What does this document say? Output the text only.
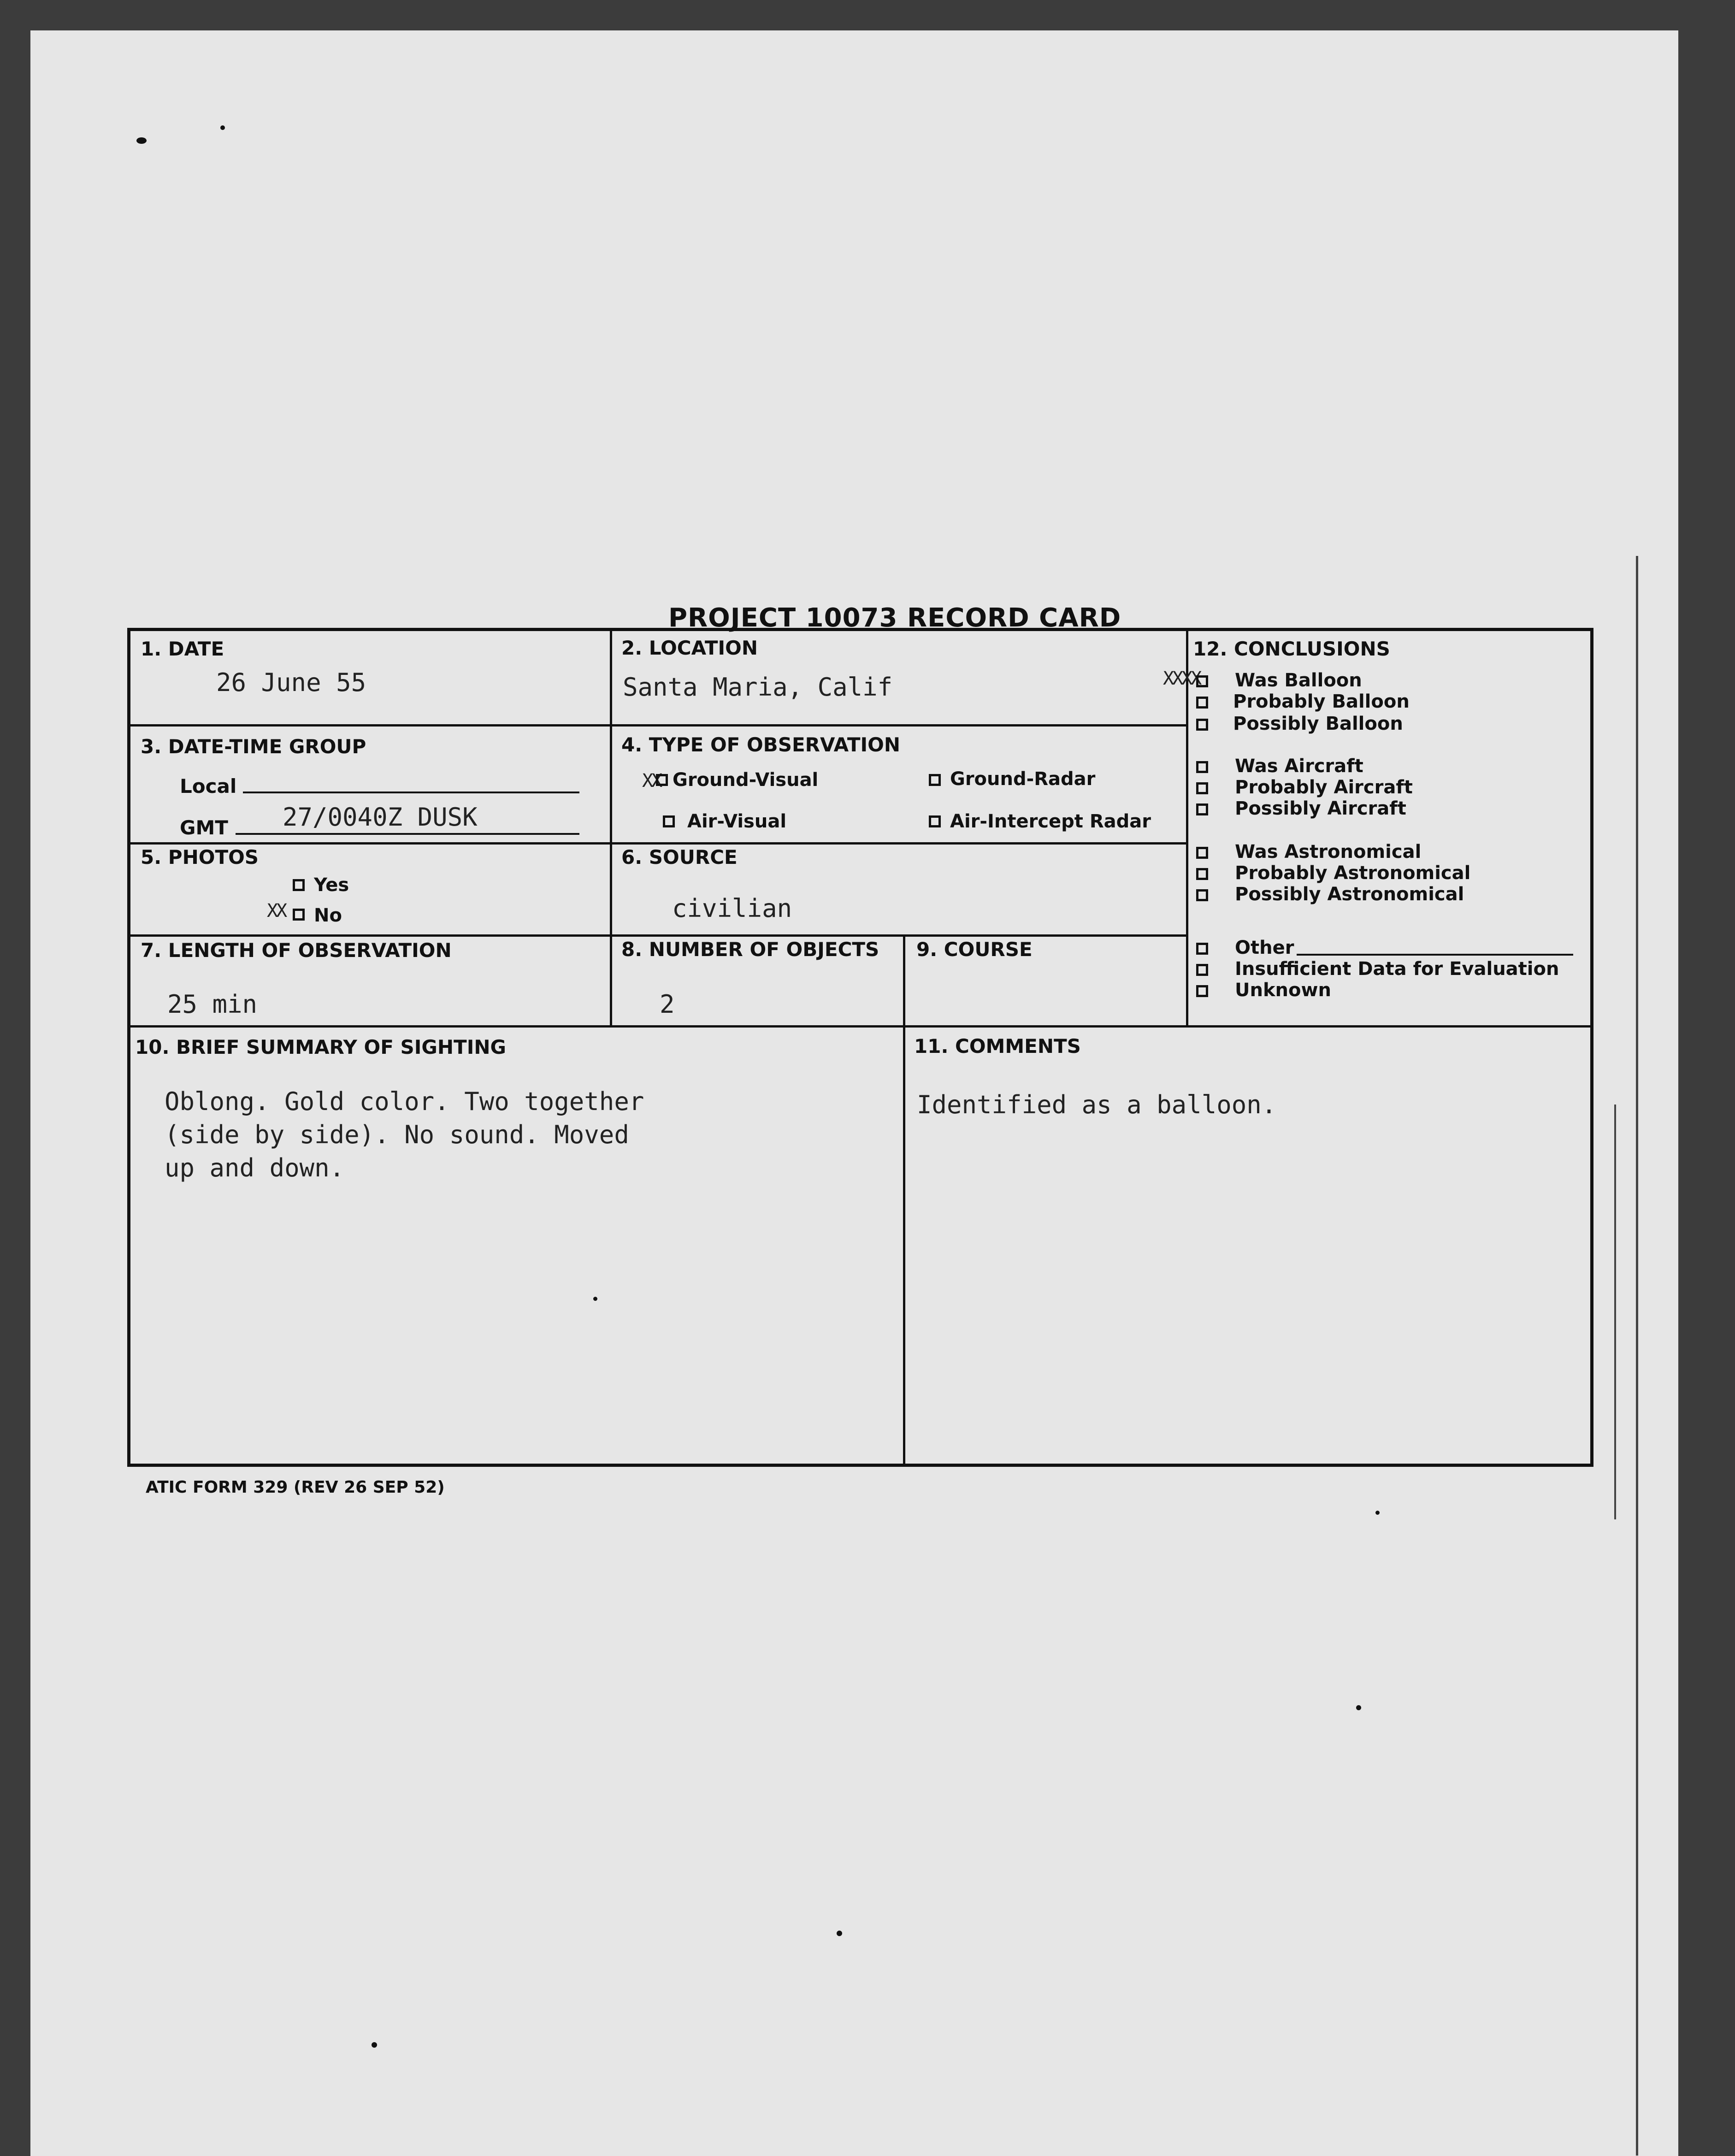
PROJECT 10073 RECORD CARD
1. DATE
26 June 55
2. LOCATION
Santa Maria, Calif
3. DATE-TIME GROUP
Local
GMT 27/0040Z DUSK
4. TYPE OF OBSERVATION
XX Ground-Visual	Ground-Radar
Air-Visual	Air-Intercept Radar
5. PHOTOS
Yes
XX No
6. SOURCE
civilian
7. LENGTH OF OBSERVATION
25 min
8. NUMBER OF OBJECTS
2
9. COURSE
12. CONCLUSIONS
XXXX Was Balloon
Probably Balloon
Possibly Balloon
Was Aircraft
Probably Aircraft
Possibly Aircraft
Was Astronomical
Probably Astronomical
Possibly Astronomical
Other
Insufficient Data for Evaluation
Unknown
10. BRIEF SUMMARY OF SIGHTING
Oblong. Gold color. Two together
(side by side). No sound. Moved
up and down.
11. COMMENTS
Identified as a balloon.
ATIC FORM 329 (REV 26 SEP 52)
